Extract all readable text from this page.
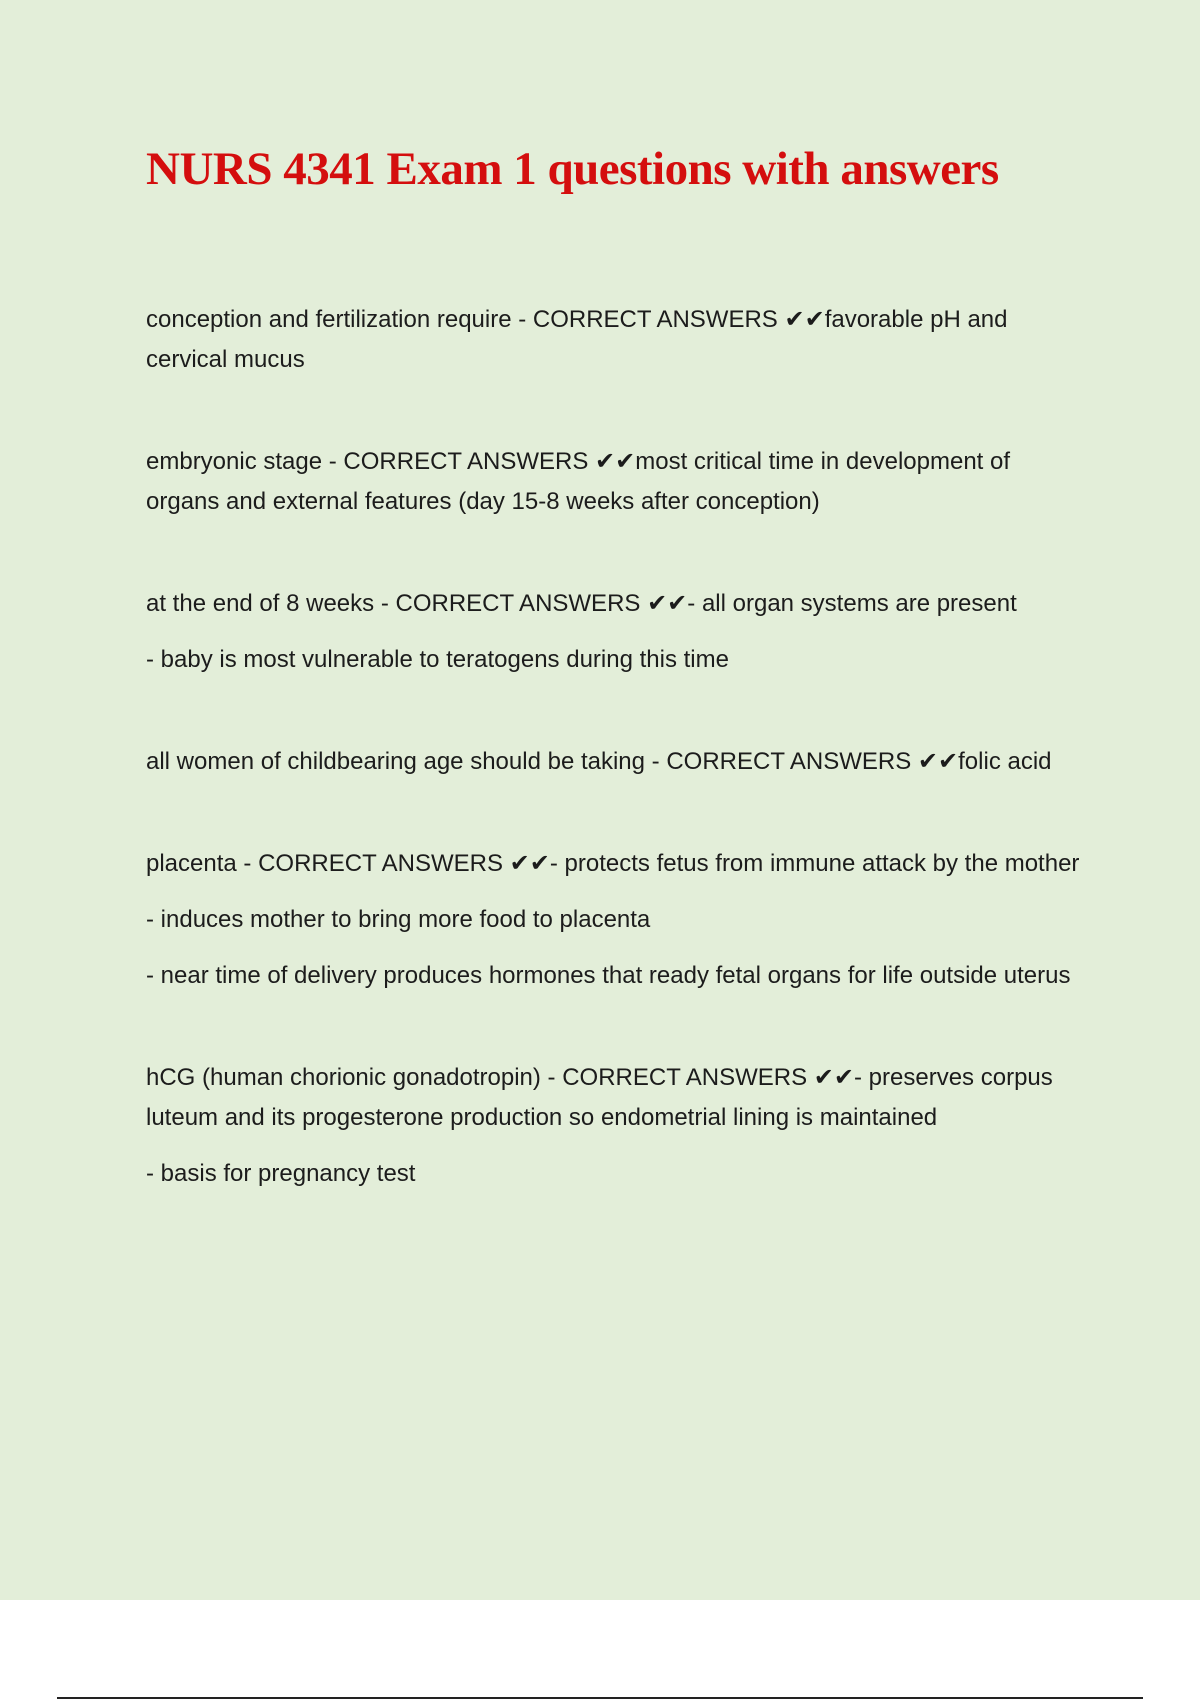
NURS 4341 Exam 1 questions with answers

conception and fertilization require - CORRECT ANSWERS ✔✔favorable pH and cervical mucus

embryonic stage - CORRECT ANSWERS ✔✔most critical time in development of organs and external features (day 15-8 weeks after conception)

at the end of 8 weeks - CORRECT ANSWERS ✔✔- all organ systems are present

- baby is most vulnerable to teratogens during this time

all women of childbearing age should be taking - CORRECT ANSWERS ✔✔folic acid

placenta - CORRECT ANSWERS ✔✔- protects fetus from immune attack by the mother

- induces mother to bring more food to placenta

- near time of delivery produces hormones that ready fetal organs for life outside uterus

hCG (human chorionic gonadotropin) - CORRECT ANSWERS ✔✔- preserves corpus luteum and its progesterone production so endometrial lining is maintained

- basis for pregnancy test
